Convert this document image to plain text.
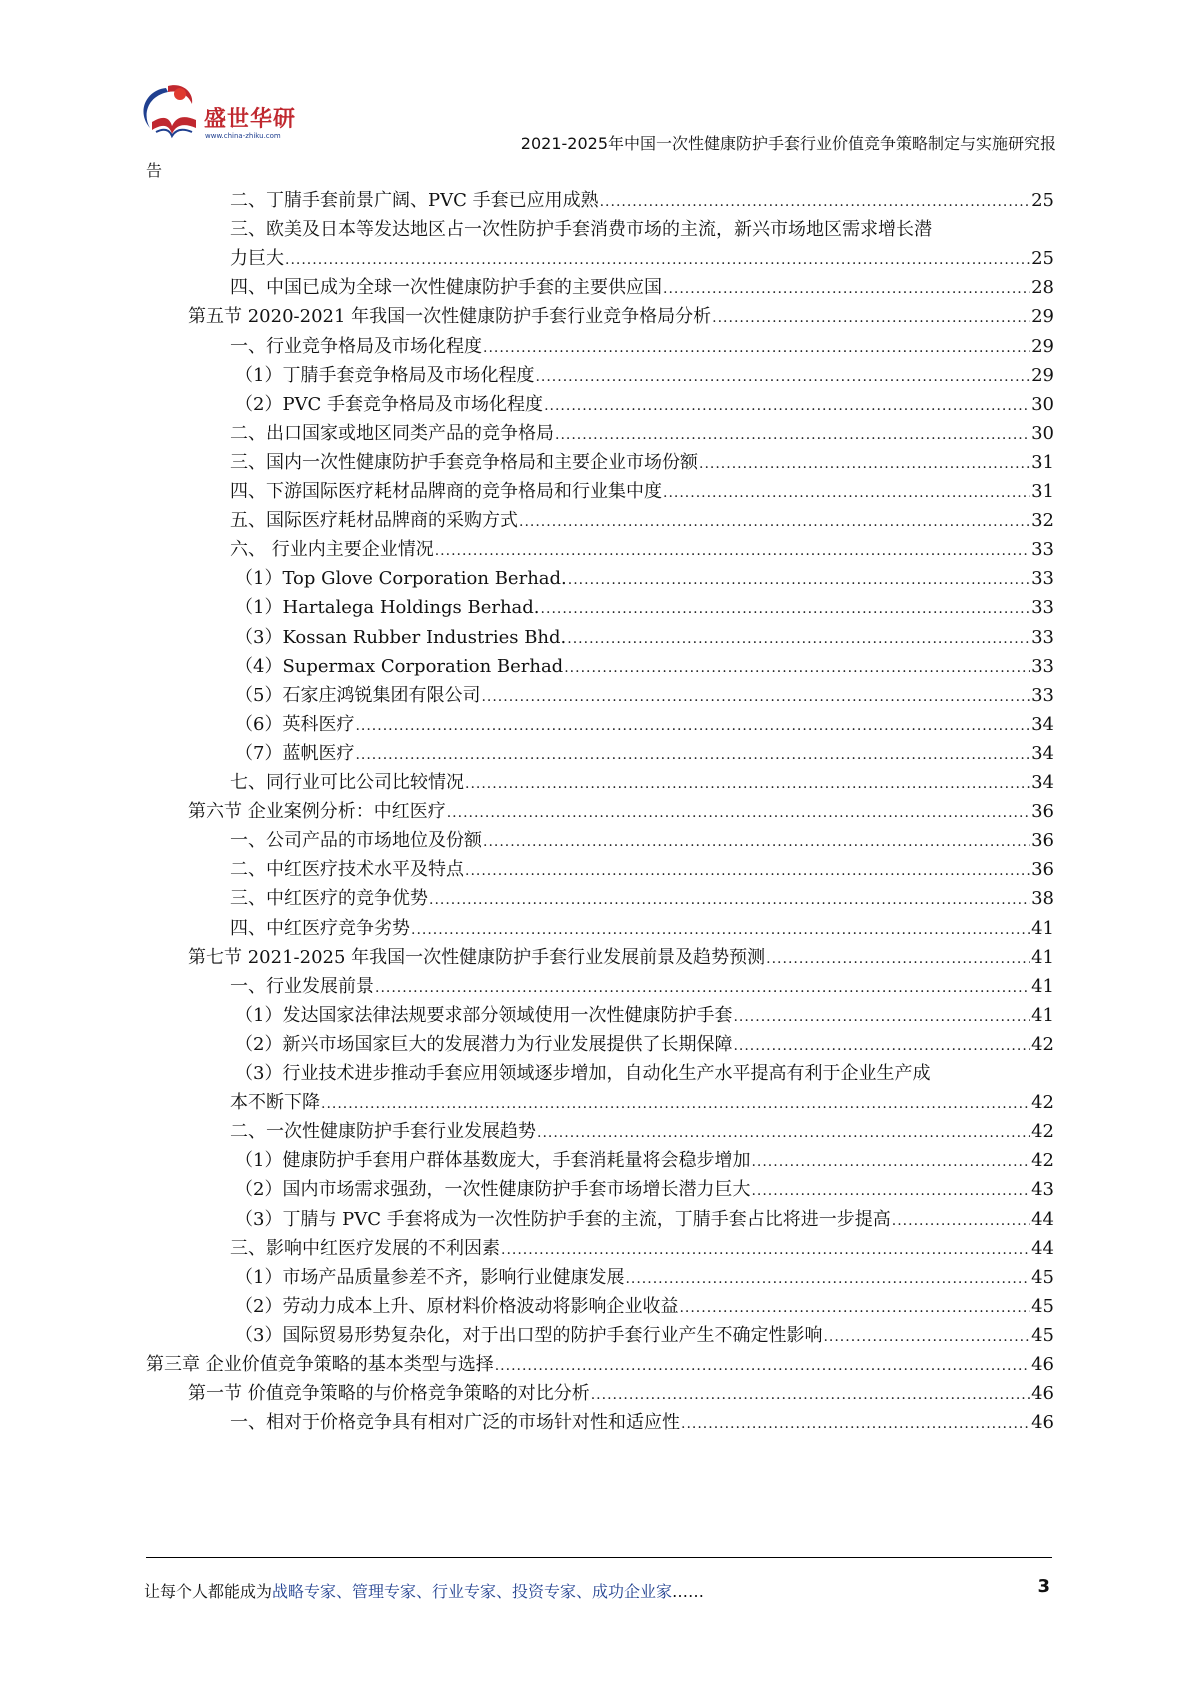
盛世华研
www.china-zhiku.com	2021-2025年中国一次性健康防护手套行业价值竞争策略制定与实施研究报
告
二、丁腈手套前景广阔、PVC 手套已应用成熟 .....	25
三、欧美及日本等发达地区占一次性防护手套消费市场的主流，新兴市场地区需求增长潜
力巨大 .....	25
四、中国已成为全球一次性健康防护手套的主要供应国 .....	28
第五节 2020-2021 年我国一次性健康防护手套行业竞争格局分析 .....	29
一、行业竞争格局及市场化程度 .....	29
（1）丁腈手套竞争格局及市场化程度 .....	29
（2）PVC 手套竞争格局及市场化程度 .....	30
二、出口国家或地区同类产品的竞争格局 .....	30
三、国内一次性健康防护手套竞争格局和主要企业市场份额 .....	31
四、下游国际医疗耗材品牌商的竞争格局和行业集中度 .....	31
五、国际医疗耗材品牌商的采购方式 .....	32
六、 行业内主要企业情况 .....	33
（1）Top Glove Corporation Berhad. .....	33
（1）Hartalega Holdings Berhad. .....	33
（3）Kossan Rubber Industries Bhd. .....	33
（4）Supermax Corporation Berhad .....	33
（5）石家庄鸿锐集团有限公司 .....	33
（6）英科医疗 .....	34
（7）蓝帆医疗 .....	34
七、同行业可比公司比较情况 .....	34
第六节 企业案例分析：中红医疗 .....	36
一、公司产品的市场地位及份额 .....	36
二、中红医疗技术水平及特点 .....	36
三、中红医疗的竞争优势 .....	38
四、中红医疗竞争劣势 .....	41
第七节 2021-2025 年我国一次性健康防护手套行业发展前景及趋势预测 .....	41
一、行业发展前景 .....	41
（1）发达国家法律法规要求部分领域使用一次性健康防护手套 .....	41
（2）新兴市场国家巨大的发展潜力为行业发展提供了长期保障 .....	42
（3）行业技术进步推动手套应用领域逐步增加，自动化生产水平提高有利于企业生产成
本不断下降 .....	42
二、一次性健康防护手套行业发展趋势 .....	42
（1）健康防护手套用户群体基数庞大，手套消耗量将会稳步增加 .....	42
（2）国内市场需求强劲，一次性健康防护手套市场增长潜力巨大 .....	43
（3）丁腈与 PVC 手套将成为一次性防护手套的主流，丁腈手套占比将进一步提高 .....	44
三、影响中红医疗发展的不利因素 .....	44
（1）市场产品质量参差不齐，影响行业健康发展 .....	45
（2）劳动力成本上升、原材料价格波动将影响企业收益 .....	45
（3）国际贸易形势复杂化，对于出口型的防护手套行业产生不确定性影响 .....	45
第三章 企业价值竞争策略的基本类型与选择 .....	46
第一节 价值竞争策略的与价格竞争策略的对比分析 .....	46
一、相对于价格竞争具有相对广泛的市场针对性和适应性 .....	46
让每个人都能成为战略专家、管理专家、行业专家、投资专家、成功企业家……	3
